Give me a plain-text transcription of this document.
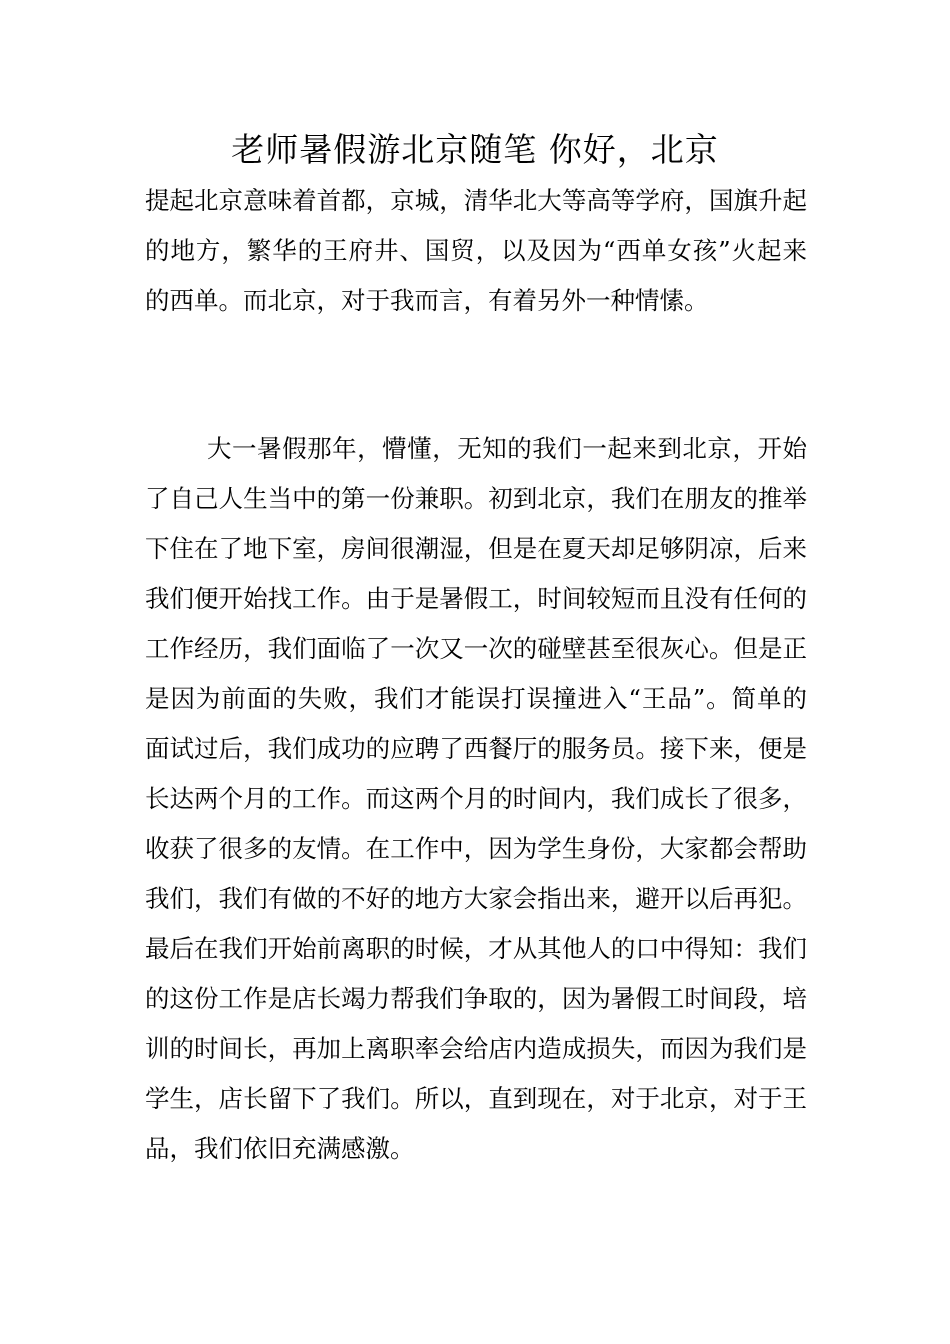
老师暑假游北京随笔 你好，北京

提起北京意味着首都，京城，清华北大等高等学府，国旗升起的地方，繁华的王府井、国贸，以及因为“西单女孩”火起来的西单。而北京，对于我而言，有着另外一种情愫。

大一暑假那年，懵懂，无知的我们一起来到北京，开始了自己人生当中的第一份兼职。初到北京，我们在朋友的推举下住在了地下室，房间很潮湿，但是在夏天却足够阴凉，后来我们便开始找工作。由于是暑假工，时间较短而且没有任何的工作经历，我们面临了一次又一次的碰壁甚至很灰心。但是正是因为前面的失败，我们才能误打误撞进入“王品”。简单的面试过后，我们成功的应聘了西餐厅的服务员。接下来，便是长达两个月的工作。而这两个月的时间内，我们成长了很多，收获了很多的友情。在工作中，因为学生身份，大家都会帮助我们，我们有做的不好的地方大家会指出来，避开以后再犯。最后在我们开始前离职的时候，才从其他人的口中得知：我们的这份工作是店长竭力帮我们争取的，因为暑假工时间段，培训的时间长，再加上离职率会给店内造成损失，而因为我们是学生，店长留下了我们。所以，直到现在，对于北京，对于王品，我们依旧充满感激。
